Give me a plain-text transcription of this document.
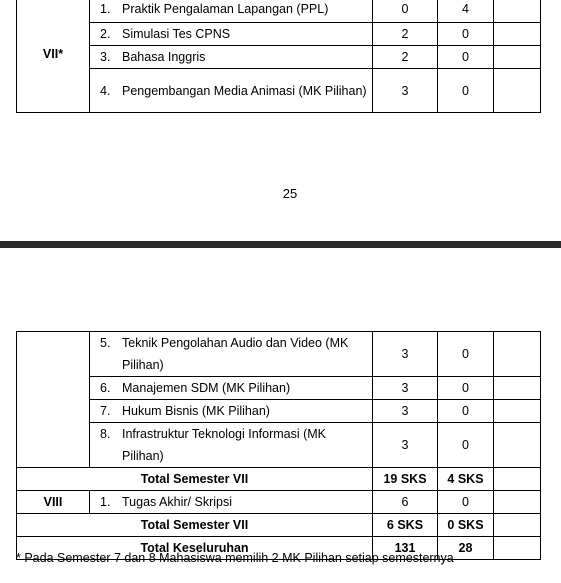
VII*	1. Praktik Pengalaman Lapangan (PPL)	0	4	

	2. Simulasi Tes CPNS	2	0	

	3. Bahasa Inggris	2	0	

	4. Pengembangan Media Animasi (MK Pilihan)	3	0	
25

	5. Teknik Pengolahan Audio dan Video (MK Pilihan)	3	0	

	6. Manajemen SDM (MK Pilihan)	3	0	

	7. Hukum Bisnis (MK Pilihan)	3	0	

	8. Infrastruktur Teknologi Informasi (MK Pilihan)	3	0	
Total Semester VII		19 SKS	4 SKS	
VIII	1. Tugas Akhir/ Skripsi	6	0	
Total Semester VII		6 SKS	0 SKS	
Total Keseluruhan		131	28	
* Pada Semester 7 dan 8 Mahasiswa memilih 2 MK Pilihan setiap semesternya
